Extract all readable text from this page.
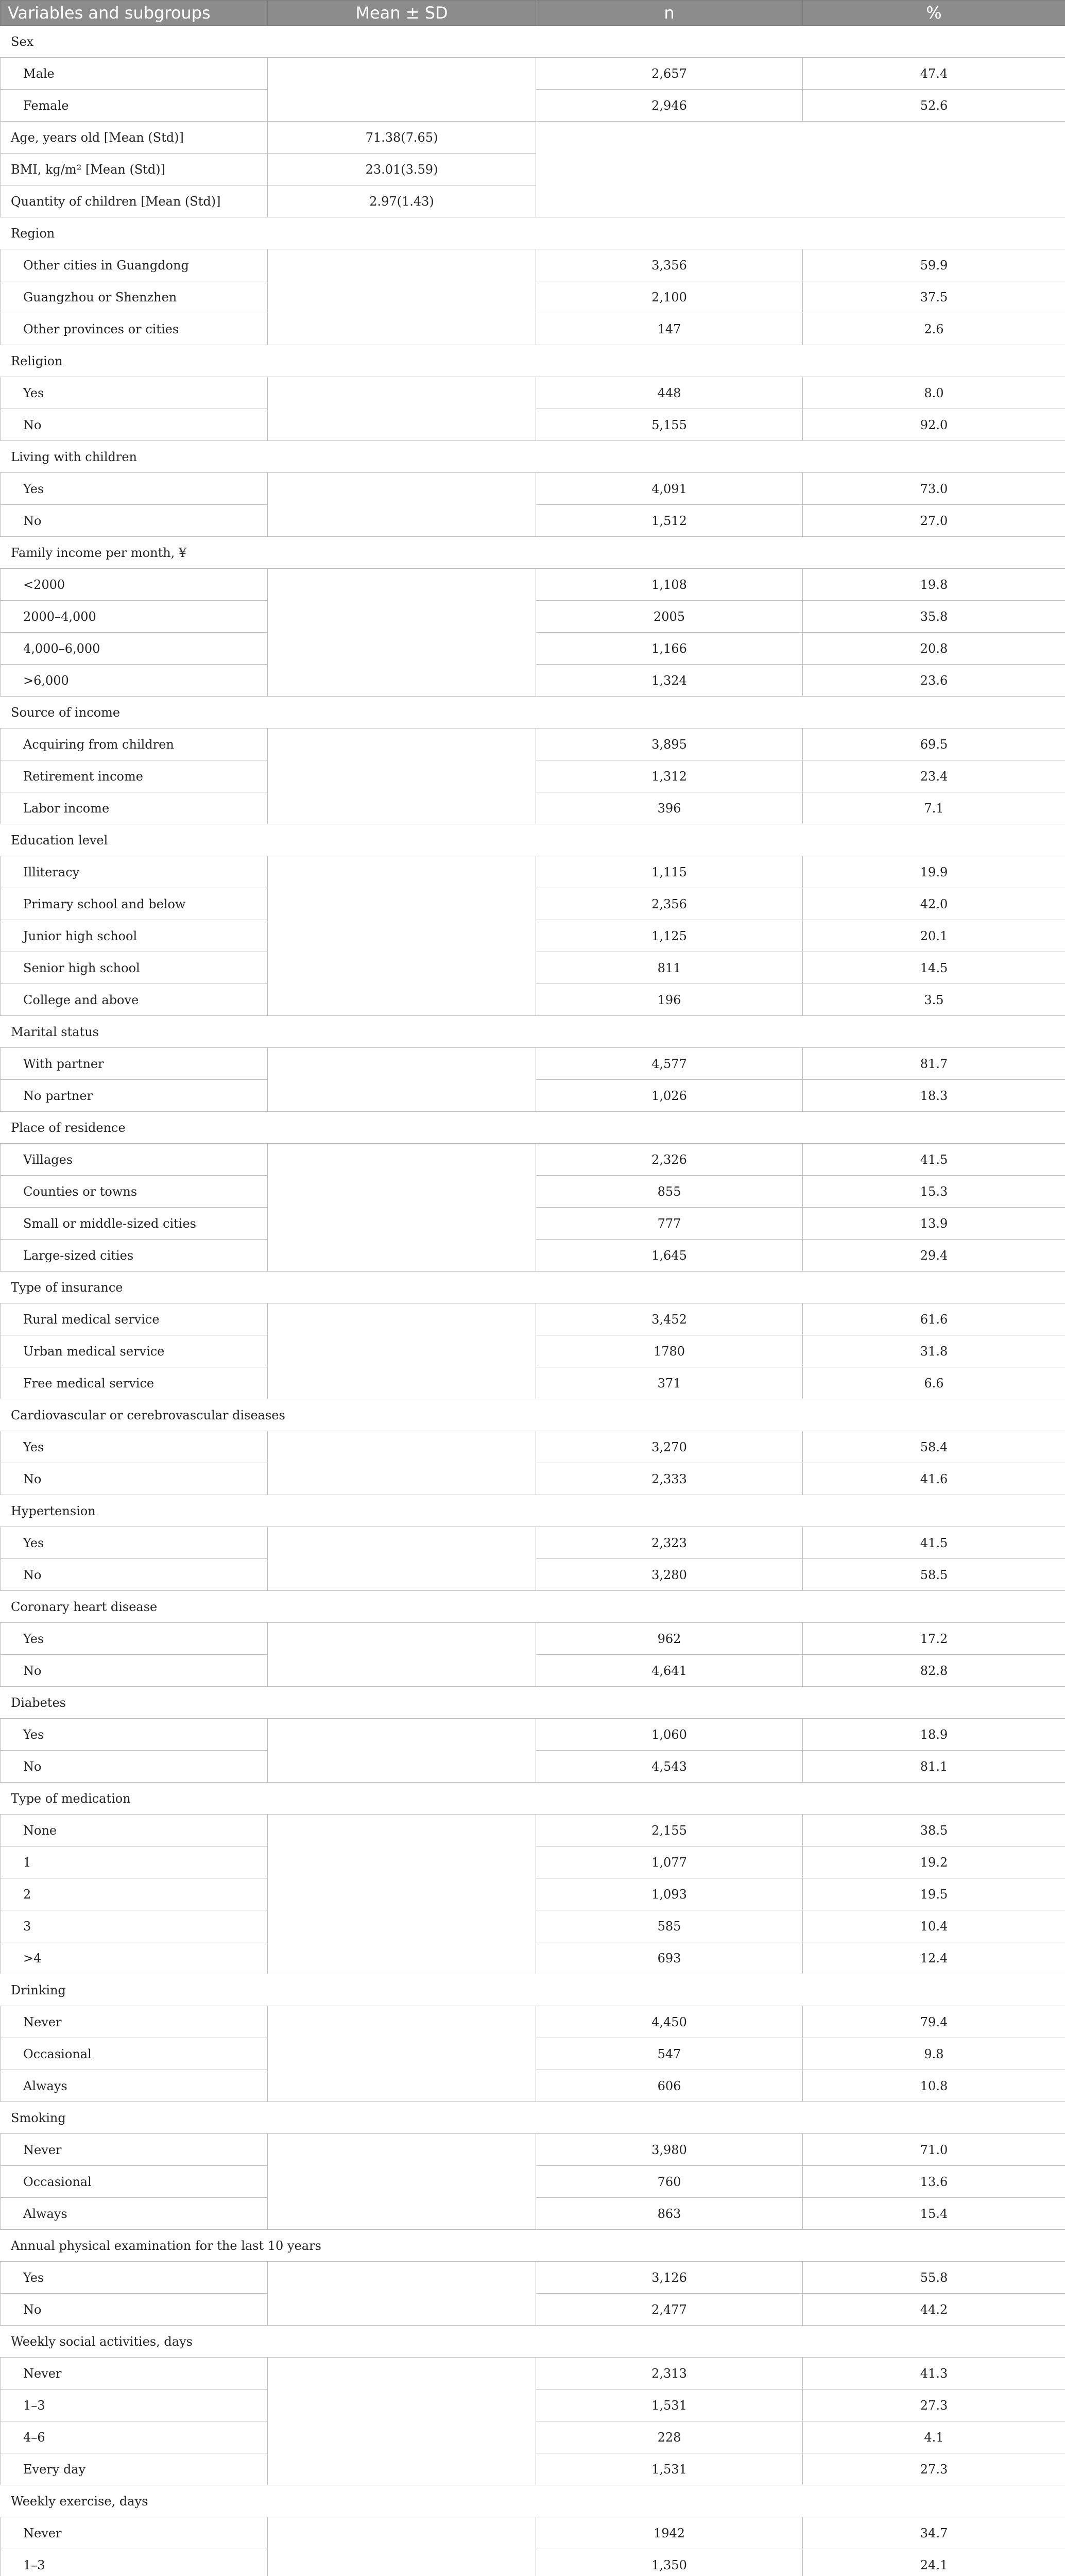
Variables and subgroups	Mean ± SD	n	%
Sex			
Male		2,657	47.4
Female		2,946	52.6
Age, years old [Mean (Std)]	71.38(7.65)		
BMI, kg/m² [Mean (Std)]	23.01(3.59)		
Quantity of children [Mean (Std)]	2.97(1.43)		
Region			
Other cities in Guangdong		3,356	59.9
Guangzhou or Shenzhen		2,100	37.5
Other provinces or cities		147	2.6
Religion			
Yes		448	8.0
No		5,155	92.0
Living with children			
Yes		4,091	73.0
No		1,512	27.0
Family income per month, ¥			
<2000		1,108	19.8
2000–4,000		2005	35.8
4,000–6,000		1,166	20.8
>6,000		1,324	23.6
Source of income			
Acquiring from children		3,895	69.5
Retirement income		1,312	23.4
Labor income		396	7.1
Education level			
Illiteracy		1,115	19.9
Primary school and below		2,356	42.0
Junior high school		1,125	20.1
Senior high school		811	14.5
College and above		196	3.5
Marital status			
With partner		4,577	81.7
No partner		1,026	18.3
Place of residence			
Villages		2,326	41.5
Counties or towns		855	15.3
Small or middle-sized cities		777	13.9
Large-sized cities		1,645	29.4
Type of insurance			
Rural medical service		3,452	61.6
Urban medical service		1780	31.8
Free medical service		371	6.6
Cardiovascular or cerebrovascular diseases			
Yes		3,270	58.4
No		2,333	41.6
Hypertension			
Yes		2,323	41.5
No		3,280	58.5
Coronary heart disease			
Yes		962	17.2
No		4,641	82.8
Diabetes			
Yes		1,060	18.9
No		4,543	81.1
Type of medication			
None		2,155	38.5
1		1,077	19.2
2		1,093	19.5
3		585	10.4
>4		693	12.4
Drinking			
Never		4,450	79.4
Occasional		547	9.8
Always		606	10.8
Smoking			
Never		3,980	71.0
Occasional		760	13.6
Always		863	15.4
Annual physical examination for the last 10 years			
Yes		3,126	55.8
No		2,477	44.2
Weekly social activities, days			
Never		2,313	41.3
1–3		1,531	27.3
4–6		228	4.1
Every day		1,531	27.3
Weekly exercise, days			
Never		1942	34.7
1–3		1,350	24.1
